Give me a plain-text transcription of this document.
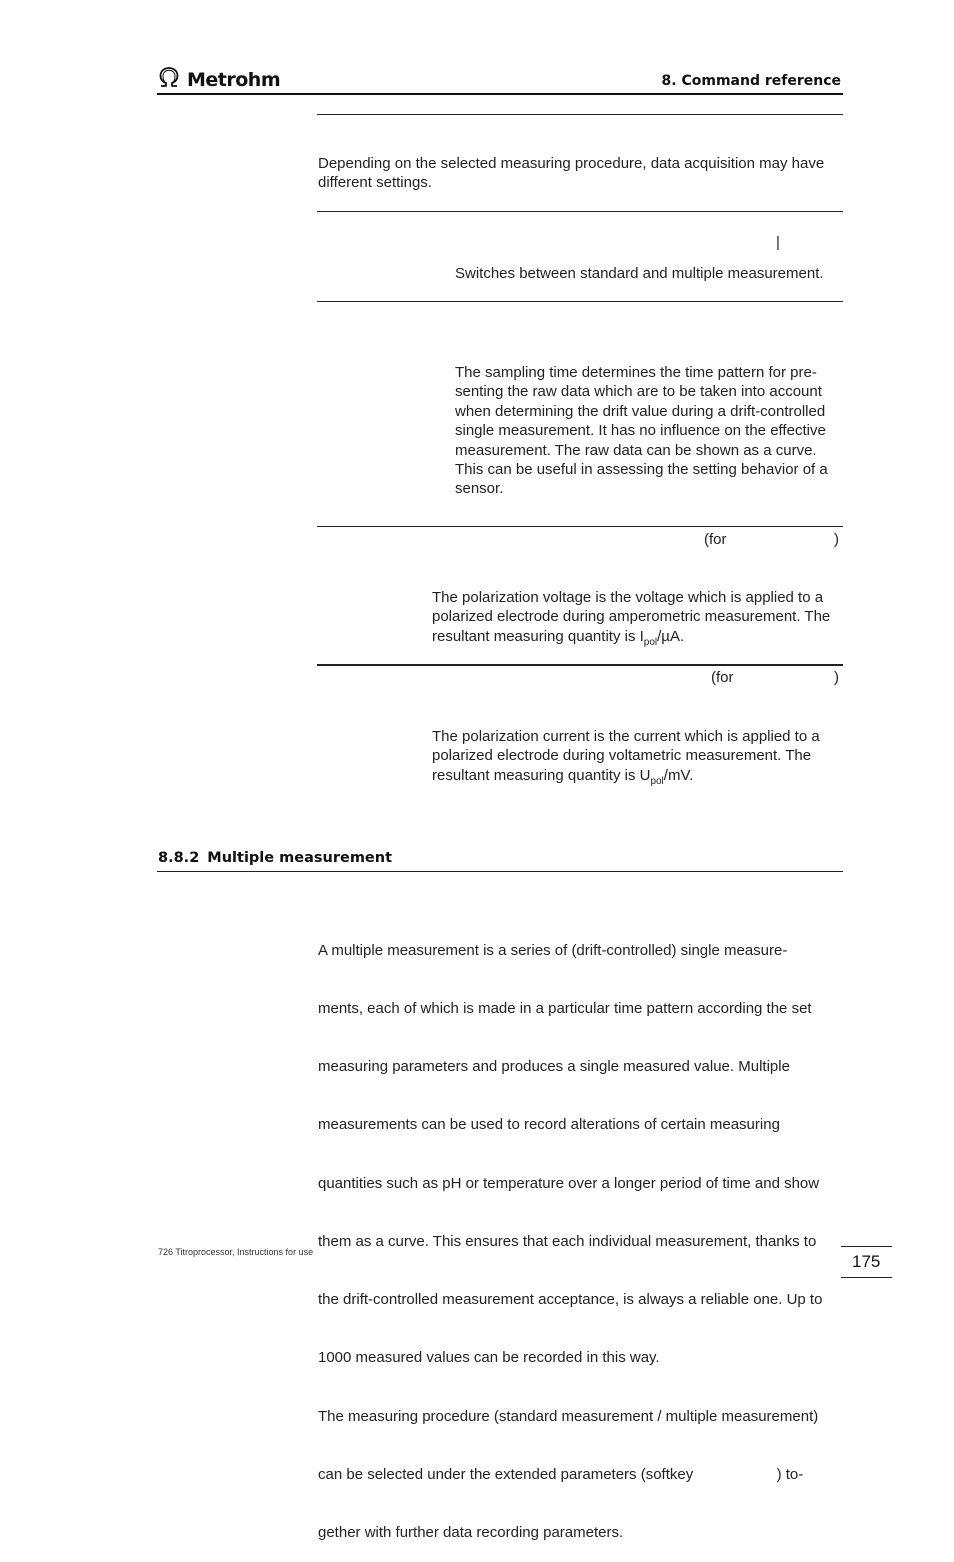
Metrohm	8. Command reference
Depending on the selected measuring procedure, data acquisition may have different settings.
|
Switches between standard and multiple measurement.
The sampling time determines the time pattern for pre-senting the raw data which are to be taken into account when determining the drift value during a drift-controlled single measurement. It has no influence on the effective measurement. The raw data can be shown as a curve. This can be useful in assessing the setting behavior of a sensor.
(for	)
The polarization voltage is the voltage which is applied to a polarized electrode during amperometric measurement. The resultant measuring quantity is $I_{pol}/\mu A$.
(for	)
The polarization current is the current which is applied to a polarized electrode during voltametric measurement. The resultant measuring quantity is $U_{pol}/mV$.
8.8.2 Multiple measurement

A multiple measurement is a series of (drift-controlled) single measure-

ments, each of which is made in a particular time pattern according the set

measuring parameters and produces a single measured value. Multiple

measurements can be used to record alterations of certain measuring

quantities such as pH or temperature over a longer period of time and show

them as a curve. This ensures that each individual measurement, thanks to

the drift-controlled measurement acceptance, is always a reliable one. Up to

1000 measured values can be recorded in this way.

The measuring procedure (standard measurement / multiple measurement)

can be selected under the extended parameters (softkey                    ) to-

gether with further data recording parameters.

726 Titroprocessor, Instructions for use	175
